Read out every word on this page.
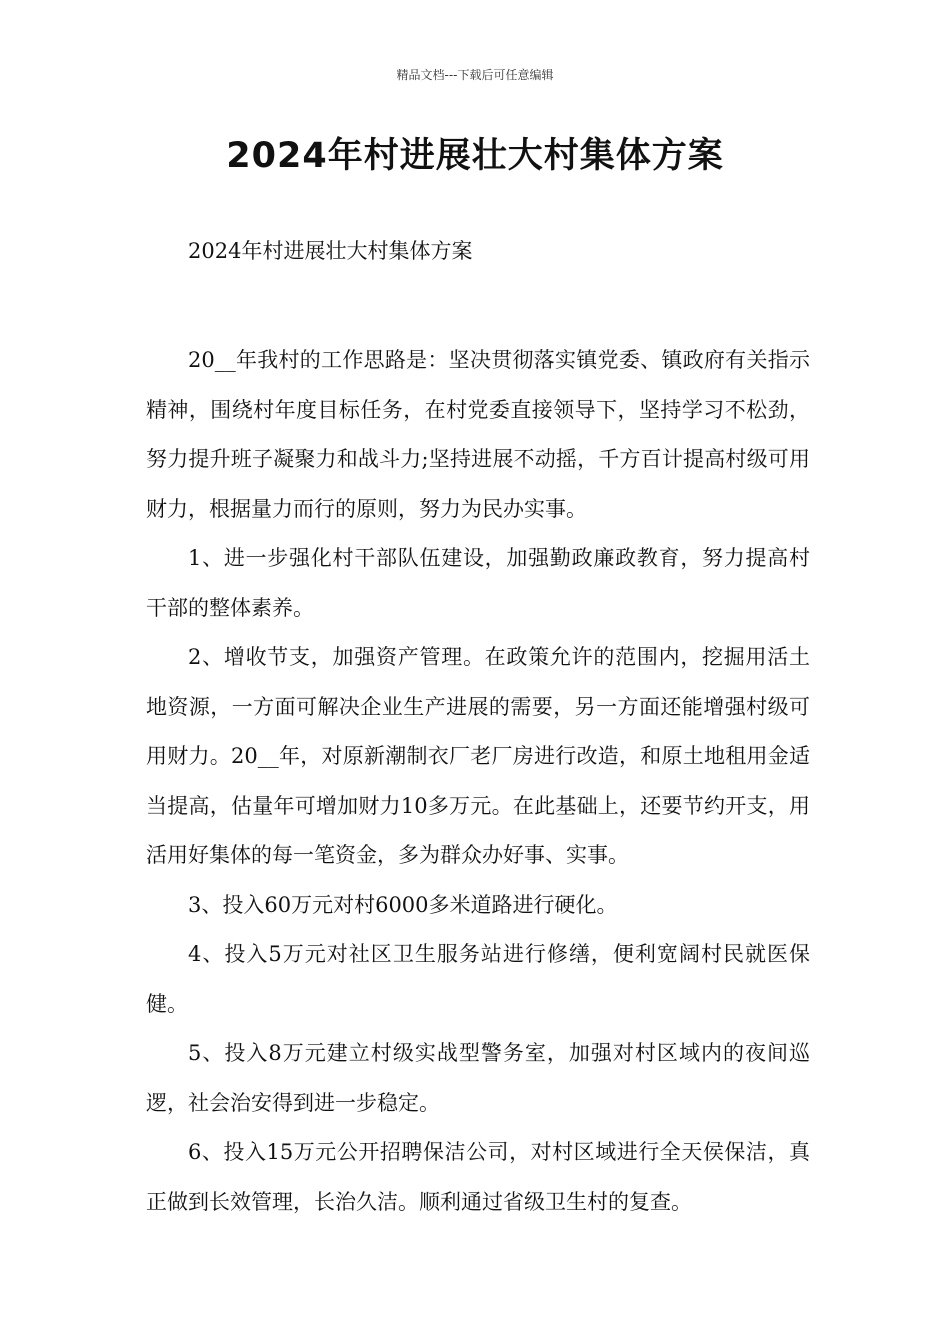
精品文档---下载后可任意编辑
2024年村进展壮大村集体方案

2024年村进展壮大村集体方案

20__年我村的工作思路是：坚决贯彻落实镇党委、镇政府有关指示精神，围绕村年度目标任务，在村党委直接领导下，坚持学习不松劲，努力提升班子凝聚力和战斗力;坚持进展不动摇，千方百计提高村级可用财力，根据量力而行的原则，努力为民办实事。

1、进一步强化村干部队伍建设，加强勤政廉政教育，努力提高村干部的整体素养。

2、增收节支，加强资产管理。在政策允许的范围内，挖掘用活土地资源，一方面可解决企业生产进展的需要，另一方面还能增强村级可用财力。20__年，对原新潮制衣厂老厂房进行改造，和原土地租用金适当提高，估量年可增加财力10多万元。在此基础上，还要节约开支，用活用好集体的每一笔资金，多为群众办好事、实事。

3、投入60万元对村6000多米道路进行硬化。

4、投入5万元对社区卫生服务站进行修缮，便利宽阔村民就医保健。

5、投入8万元建立村级实战型警务室，加强对村区域内的夜间巡逻，社会治安得到进一步稳定。

6、投入15万元公开招聘保洁公司，对村区域进行全天侯保洁，真正做到长效管理，长治久洁。顺利通过省级卫生村的复查。
